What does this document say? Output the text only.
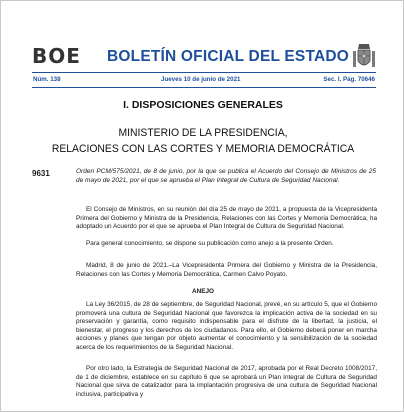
BOE BOLETÍN OFICIAL DEL ESTADO
Núm. 138	Jueves 10 de junio de 2021	Sec. I. Pág. 70646
I. DISPOSICIONES GENERALES
MINISTERIO DE LA PRESIDENCIA,
RELACIONES CON LAS CORTES Y MEMORIA DEMOCRÁTICA
9631	Orden PCM/575/2021, de 8 de junio, por la que se publica el Acuerdo del Consejo de Ministros de 25 de mayo de 2021, por el que se aprueba el Plan Integral de Cultura de Seguridad Nacional.
El Consejo de Ministros, en su reunión del día 25 de mayo de 2021, a propuesta de la Vicepresidenta Primera del Gobierno y Ministra de la Presidencia, Relaciones con las Cortes y Memoria Democrática, ha adoptado un Acuerdo por el que se aprueba el Plan Integral de Cultura de Seguridad Nacional.
Para general conocimiento, se dispone su publicación como anejo a la presente Orden.
Madrid, 8 de junio de 2021.–La Vicepresidenta Primera del Gobierno y Ministra de la Presidencia, Relaciones con las Cortes y Memoria Democrática, Carmen Calvo Poyato.
ANEJO
La Ley 36/2015, de 28 de septiembre, de Seguridad Nacional, prevé, en su artículo 5, que el Gobierno promoverá una cultura de Seguridad Nacional que favorezca la implicación activa de la sociedad en su preservación y garantía, como requisito indispensable para el disfrute de la libertad, la justicia, el bienestar, el progreso y los derechos de los ciudadanos. Para ello, el Gobierno deberá poner en marcha acciones y planes que tengan por objeto aumentar el conocimiento y la sensibilización de la sociedad acerca de los requerimientos de la Seguridad Nacional.
Por otro lado, la Estrategia de Seguridad Nacional de 2017, aprobada por el Real Decreto 1008/2017, de 1 de diciembre, establece en su capítulo 6 que se aprobará un Plan Integral de Cultura de Seguridad Nacional que sirva de catalizador para la implantación progresiva de una cultura de Seguridad Nacional inclusiva, participativa y
